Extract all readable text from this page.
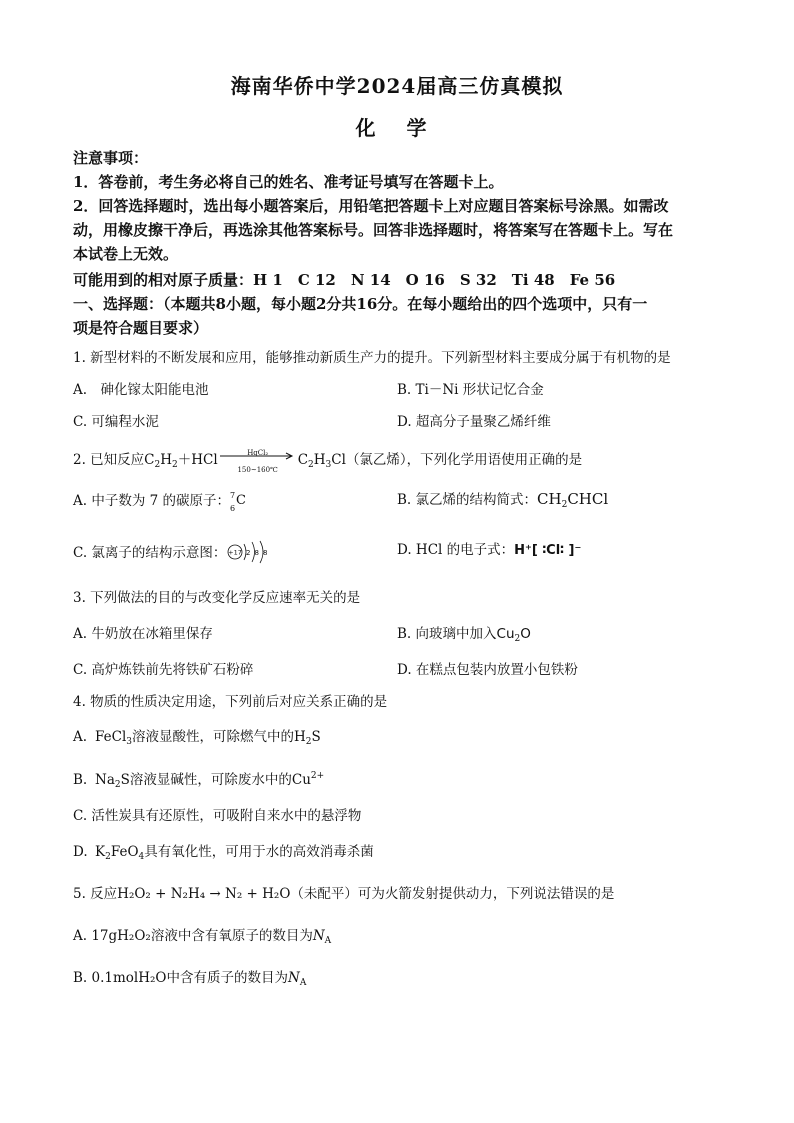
海南华侨中学2024届高三仿真模拟
化 学
注意事项：
1．答卷前，考生务必将自己的姓名、准考证号填写在答题卡上。
2．回答选择题时，选出每小题答案后，用铅笔把答题卡上对应题目答案标号涂黑。如需改
动，用橡皮擦干净后，再选涂其他答案标号。回答非选择题时，将答案写在答题卡上。写在
本试卷上无效。
可能用到的相对原子质量：H 1　C 12　N 14　O 16　S 32　Ti 48　Fe 56
一、选择题：（本题共8小题，每小题2分共16分。在每小题给出的四个选项中，只有一
项是符合题目要求）
1. 新型材料的不断发展和应用，能够推动新质生产力的提升。下列新型材料主要成分属于有机物的是
A.　砷化镓太阳能电池	B. Ti－Ni 形状记忆合金
C. 可编程水泥	D. 超高分子量聚乙烯纤维
2. 已知反应$C_2H_2+HCl$	HgCl₂
150~160℃
$C_2H_3Cl$（氯乙烯），下列化学用语使用正确的是
A. 中子数为 7 的碳原子： 7
6
C	B. 氯乙烯的结构简式：$CH_2CHCl$
C. 氯离子的结构示意图： +17 2 8 8	D. HCl 的电子式：H⁺[ ∶Cl∶ ]⁻
3. 下列做法的目的与改变化学反应速率无关的是
A. 牛奶放在冰箱里保存	B. 向玻璃中加入$Cu_2O$
C. 高炉炼铁前先将铁矿石粉碎	D. 在糕点包装内放置小包铁粉
4. 物质的性质决定用途，下列前后对应关系正确的是
A. FeCl$_3$溶液显酸性，可除燃气中的$H_2S$
B. $Na_2S$溶液显碱性，可除废水中的$Cu^{2+}$
C. 活性炭具有还原性，可吸附自来水中的悬浮物
D. $K_2FeO_4$具有氧化性，可用于水的高效消毒杀菌
5. 反应H₂O₂ + N₂H₄ → N₂ + H₂O（未配平）可为火箭发射提供动力，下列说法错误的是
A. 17gH₂O₂溶液中含有氧原子的数目为$N_A$
B. 0.1molH₂O中含有质子的数目为$N_A$
